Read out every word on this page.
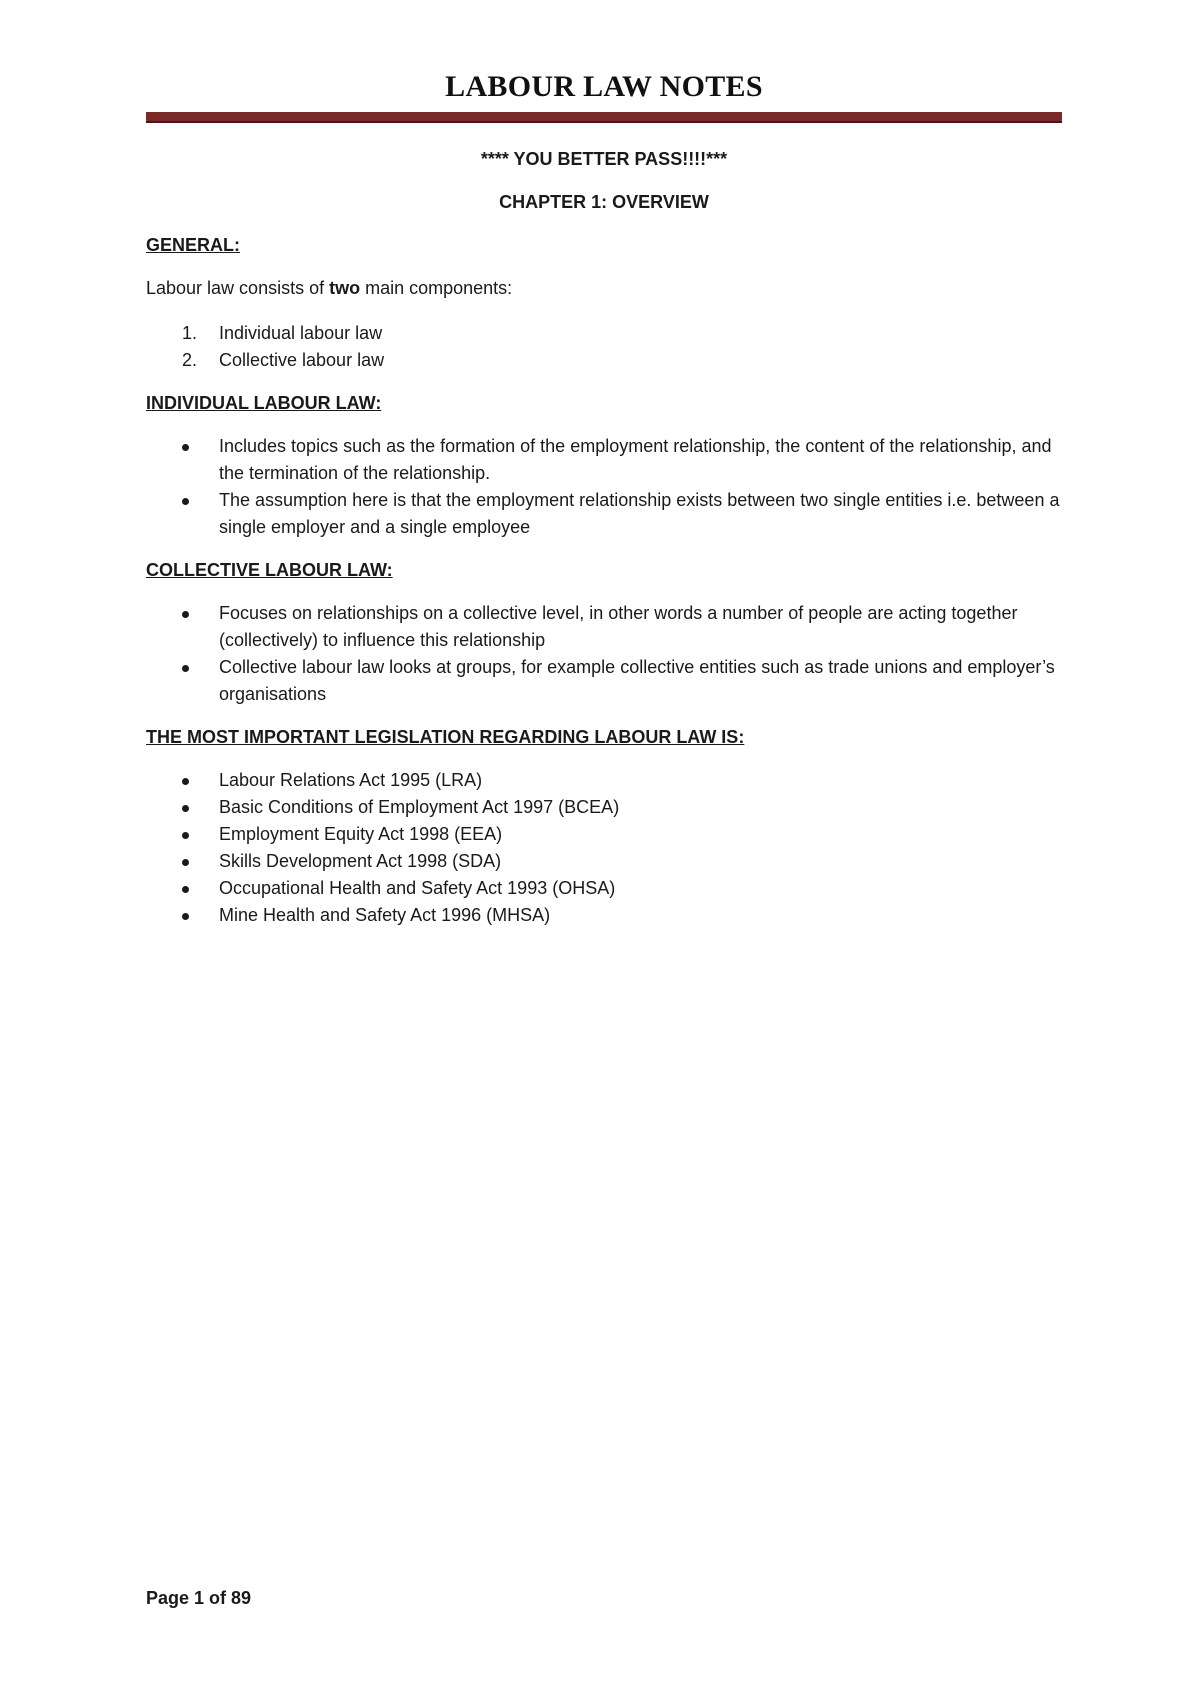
LABOUR LAW NOTES

**** YOU BETTER PASS!!!!***

CHAPTER 1: OVERVIEW

GENERAL:

Labour law consists of two main components:

1.	Individual labour law
2.	Collective labour law

INDIVIDUAL LABOUR LAW:

Includes topics such as the formation of the employment relationship, the content of the relationship, and the termination of the relationship.
The assumption here is that the employment relationship exists between two single entities i.e. between a single employer and a single employee

COLLECTIVE LABOUR LAW:

Focuses on relationships on a collective level, in other words a number of people are acting together (collectively) to influence this relationship
Collective labour law looks at groups, for example collective entities such as trade unions and employer’s organisations

THE MOST IMPORTANT LEGISLATION REGARDING LABOUR LAW IS:

Labour Relations Act 1995 (LRA)
Basic Conditions of Employment Act 1997 (BCEA)
Employment Equity Act 1998 (EEA)
Skills Development Act 1998 (SDA)
Occupational Health and Safety Act 1993 (OHSA)
Mine Health and Safety Act 1996 (MHSA)
Page 1 of 89
